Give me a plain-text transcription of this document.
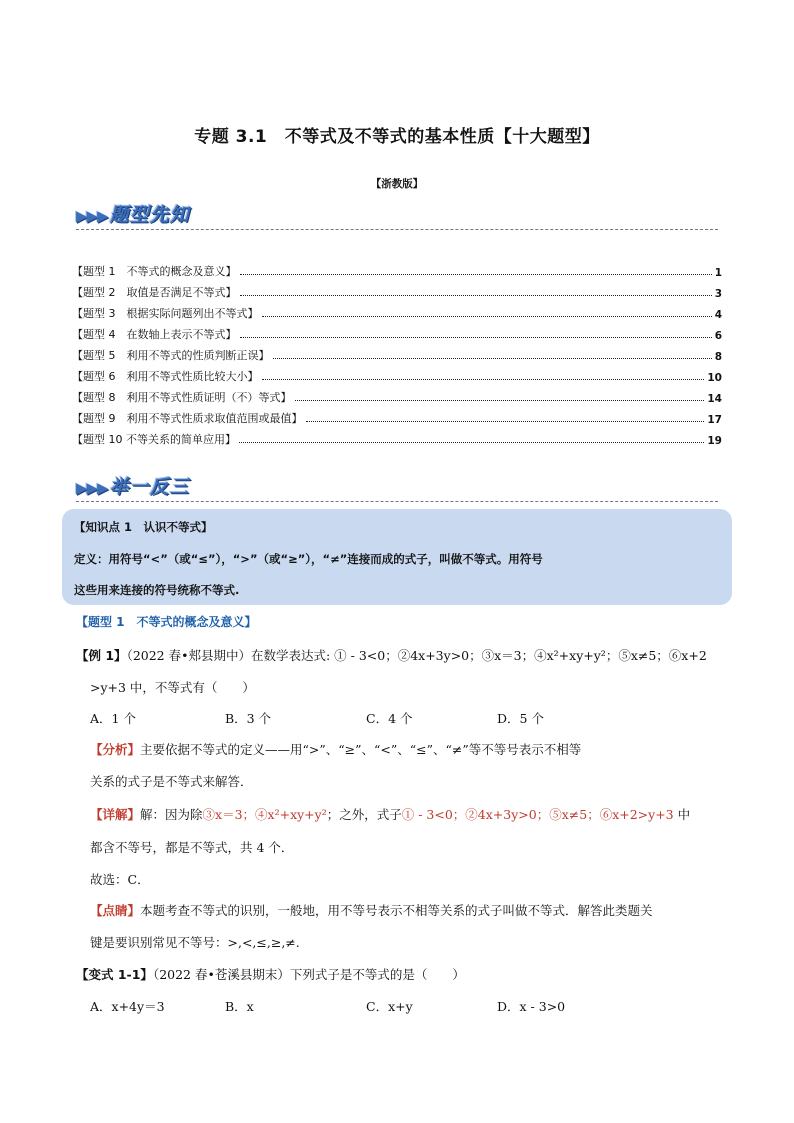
专题 3.1　不等式及不等式的基本性质【十大题型】
【浙教版】
▶▶▶ 题型先知
【题型 1　不等式的概念及意义】	1
【题型 2　取值是否满足不等式】	3
【题型 3　根据实际问题列出不等式】	4
【题型 4　在数轴上表示不等式】	6
【题型 5　利用不等式的性质判断正误】	8
【题型 6　利用不等式性质比较大小】	10
【题型 8　利用不等式性质证明（不）等式】	14
【题型 9　利用不等式性质求取值范围或最值】	17
【题型 10 不等关系的简单应用】	19
▶▶▶ 举一反三
【知识点 1　认识不等式】
定义：用符号“<”（或“≤”），“>”（或“≥”），“≠”连接而成的式子，叫做不等式。用符号
这些用来连接的符号统称不等式.
【题型 1　不等式的概念及意义】
【例 1】（2022 春•郏县期中）在数学表达式: ① - 3<0；②4x+3y>0；③x＝3；④x²+xy+y²；⑤x≠5；⑥x+2
>y+3 中，不等式有（　　）
A．1 个	B．3 个	C．4 个	D．5 个
【分析】主要依据不等式的定义——用“>”、“≥”、“<”、“≤”、“≠”等不等号表示不相等
关系的式子是不等式来解答．
【详解】解：因为除③x＝3；④x²+xy+y²；之外，式子① - 3<0；②4x+3y>0；⑤x≠5；⑥x+2>y+3 中
都含不等号，都是不等式，共 4 个．
故选：C．
【点睛】本题考查不等式的识别，一般地，用不等号表示不相等关系的式子叫做不等式．解答此类题关
键是要识别常见不等号：>,<,≤,≥,≠.
【变式 1-1】（2022 春•苍溪县期末）下列式子是不等式的是（　　）
A．x+4y＝3	B．x	C．x+y	D．x - 3>0
